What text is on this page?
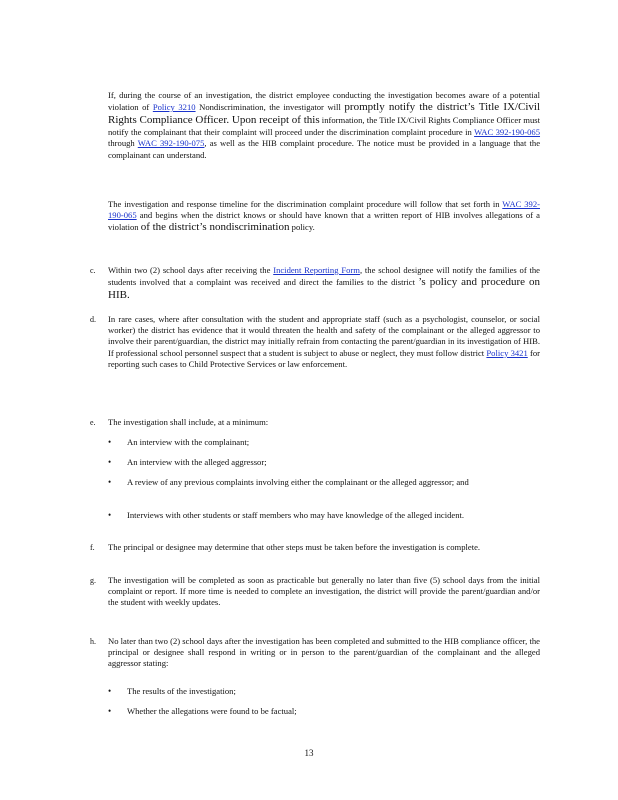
If, during the course of an investigation, the district employee conducting the investigation becomes aware of a potential violation of Policy 3210 Nondiscrimination, the investigator will promptly notify the district’s Title IX/Civil Rights Compliance Officer. Upon receipt of this information, the Title IX/Civil Rights Compliance Officer must notify the complainant that their complaint will proceed under the discrimination complaint procedure in WAC 392-190-065 through WAC 392-190-075, as well as the HIB complaint procedure. The notice must be provided in a language that the complainant can understand.

The investigation and response timeline for the discrimination complaint procedure will follow that set forth in WAC 392-190-065 and begins when the district knows or should have known that a written report of HIB involves allegations of a violation of the district’s nondiscrimination policy.

c.	Within two (2) school days after receiving the Incident Reporting Form, the school designee will notify the families of the students involved that a complaint was received and direct the families to the district ’s policy and procedure on HIB.
d.	In rare cases, where after consultation with the student and appropriate staff (such as a psychologist, counselor, or social worker) the district has evidence that it would threaten the health and safety of the complainant or the alleged aggressor to involve their parent/guardian, the district may initially refrain from contacting the parent/guardian in its investigation of HIB. If professional school personnel suspect that a student is subject to abuse or neglect, they must follow district Policy 3421 for reporting such cases to Child Protective Services or law enforcement.
e.	The investigation shall include, at a minimum:
•	An interview with the complainant;
•	An interview with the alleged aggressor;
•	A review of any previous complaints involving either the complainant or the alleged aggressor; and
•	Interviews with other students or staff members who may have knowledge of the alleged incident.
f.	The principal or designee may determine that other steps must be taken before the investigation is complete.
g.	The investigation will be completed as soon as practicable but generally no later than five (5) school days from the initial complaint or report. If more time is needed to complete an investigation, the district will provide the parent/guardian and/or the student with weekly updates.
h.	No later than two (2) school days after the investigation has been completed and submitted to the HIB compliance officer, the principal or designee shall respond in writing or in person to the parent/guardian of the complainant and the alleged aggressor stating:
•	The results of the investigation;
•	Whether the allegations were found to be factual;
13
